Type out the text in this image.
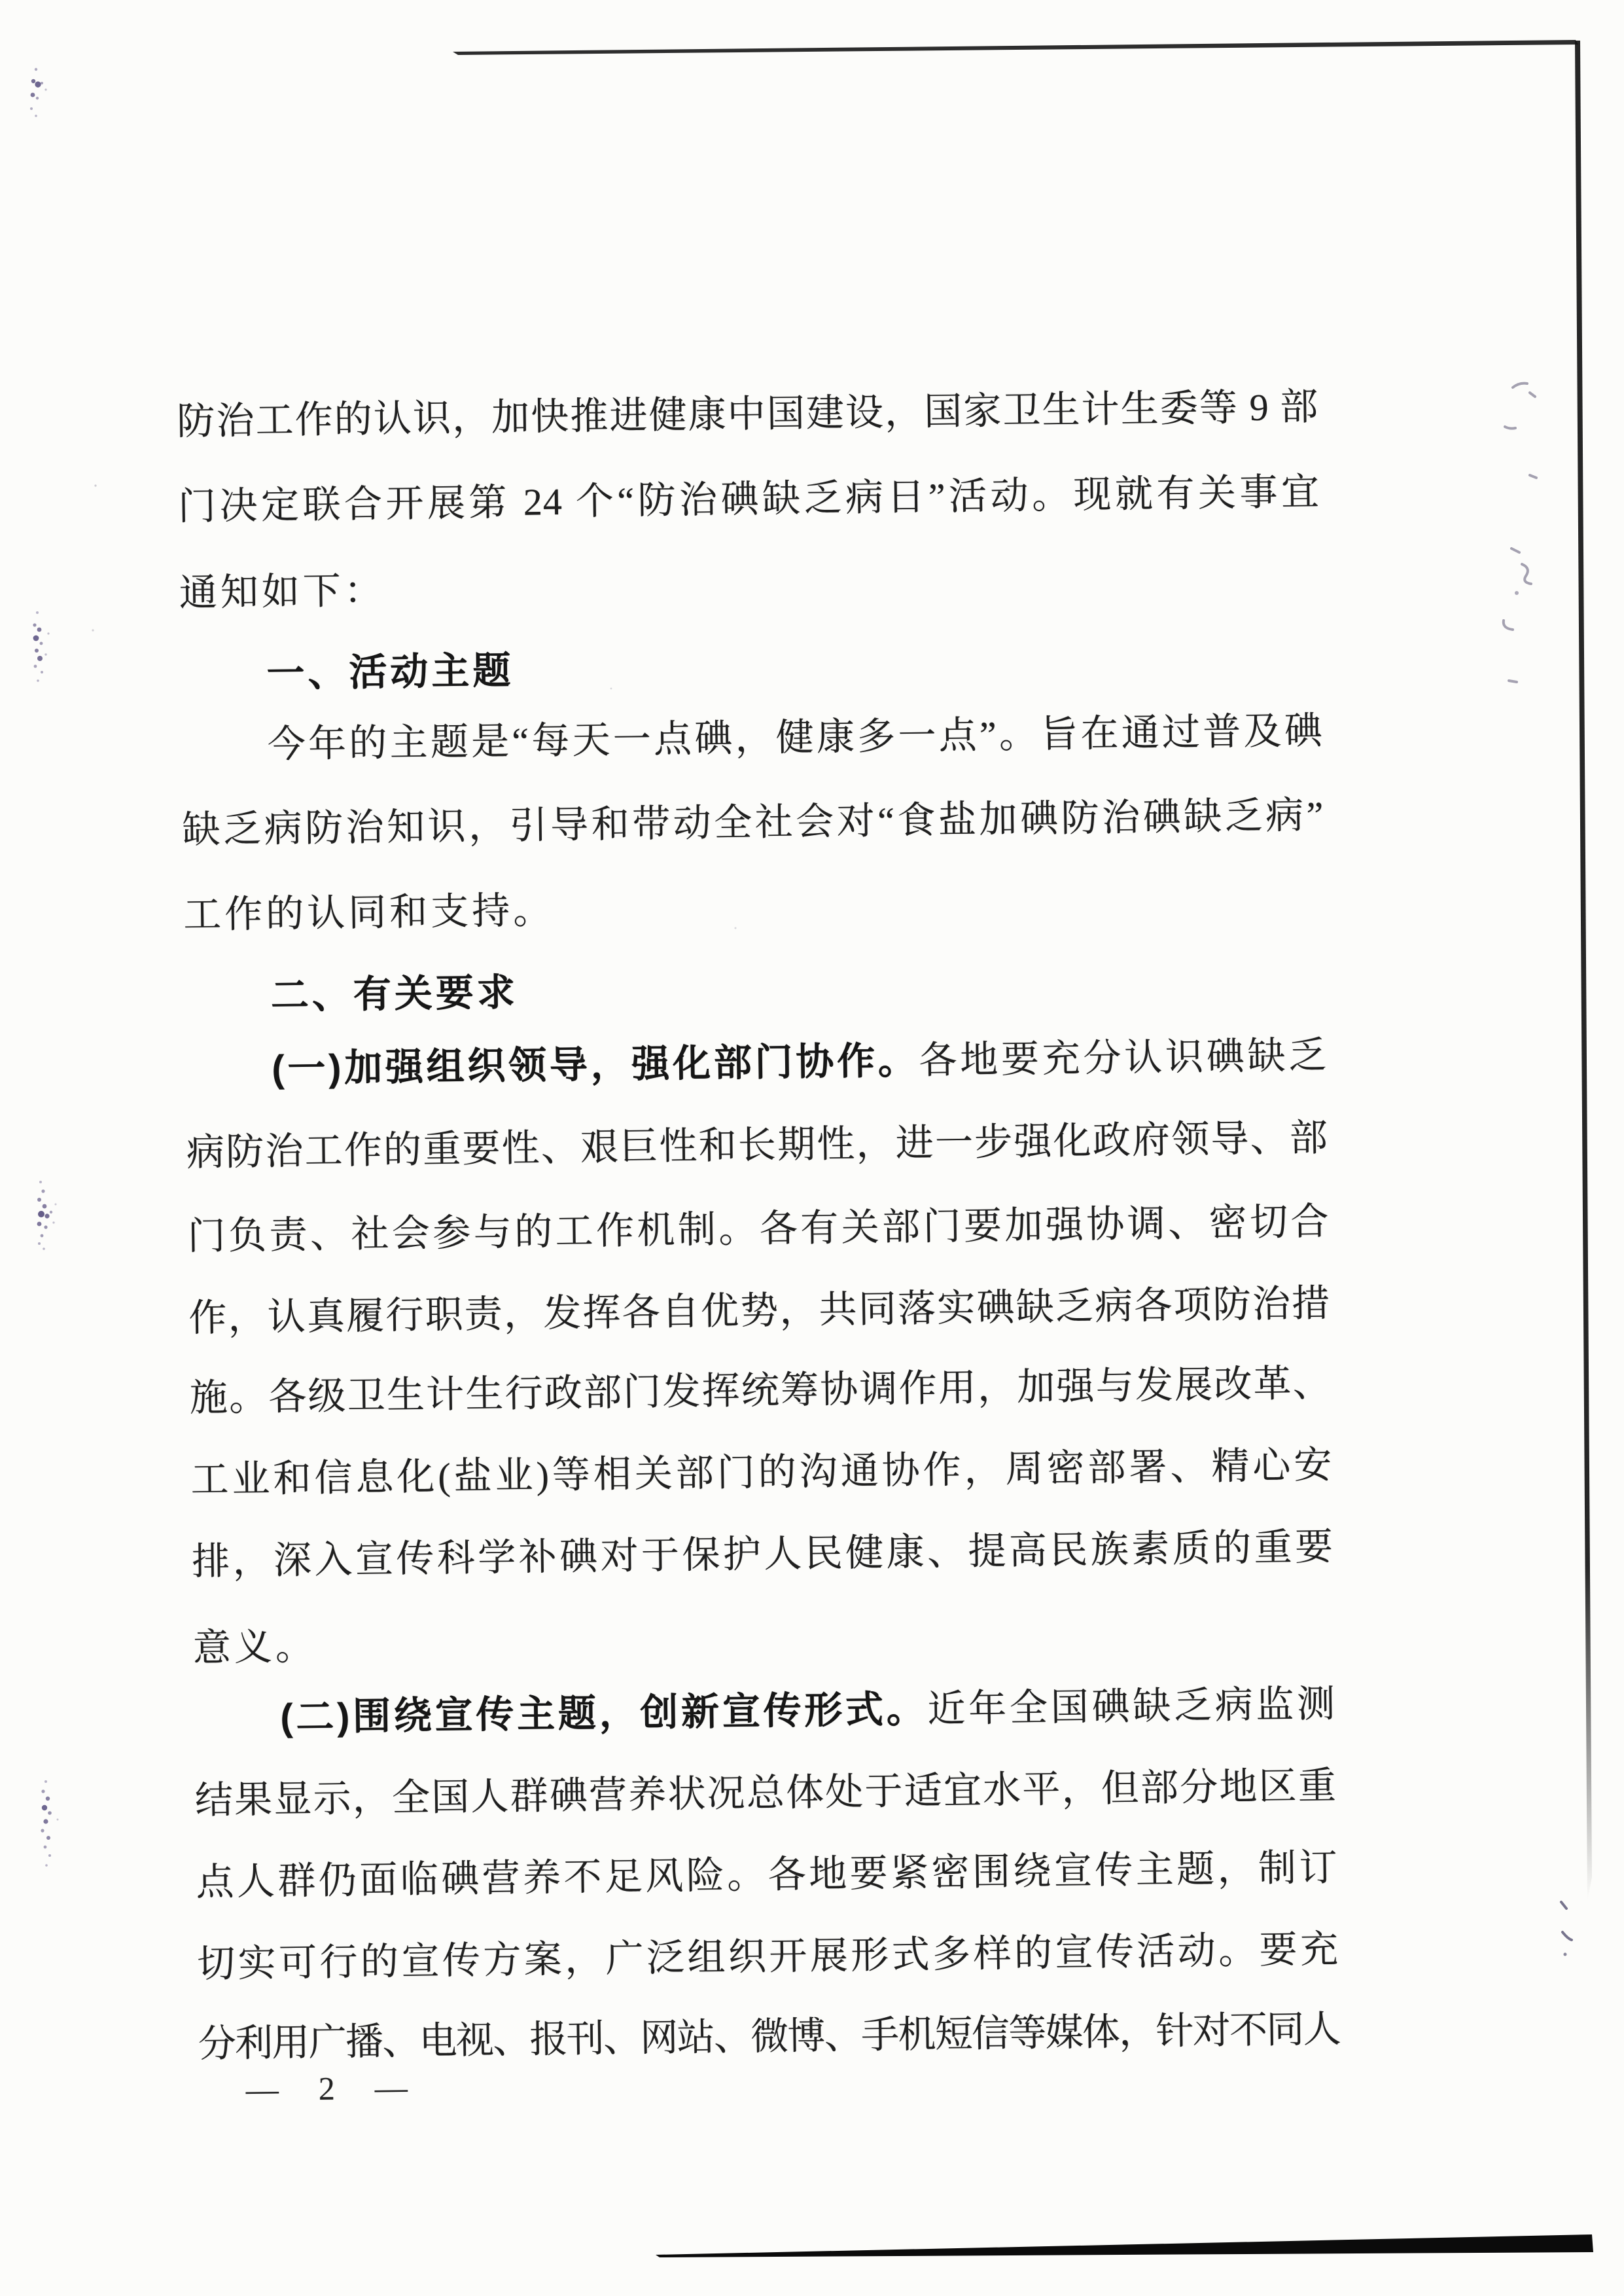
防治工作的认识，加快推进健康中国建设，国家卫生计生委等 9 部
门决定联合开展第 24 个“防治碘缺乏病日”活动。现就有关事宜
通知如下：
一、活动主题
今年的主题是“每天一点碘，健康多一点”。旨在通过普及碘
缺乏病防治知识，引导和带动全社会对“食盐加碘防治碘缺乏病”
工作的认同和支持。
二、有关要求
(一)加强组织领导，强化部门协作。各地要充分认识碘缺乏
病防治工作的重要性、艰巨性和长期性，进一步强化政府领导、部
门负责、社会参与的工作机制。各有关部门要加强协调、密切合
作，认真履行职责，发挥各自优势，共同落实碘缺乏病各项防治措
施。各级卫生计生行政部门发挥统筹协调作用，加强与发展改革、
工业和信息化(盐业)等相关部门的沟通协作，周密部署、精心安
排，深入宣传科学补碘对于保护人民健康、提高民族素质的重要
意义。
(二)围绕宣传主题，创新宣传形式。近年全国碘缺乏病监测
结果显示，全国人群碘营养状况总体处于适宜水平，但部分地区重
点人群仍面临碘营养不足风险。各地要紧密围绕宣传主题，制订
切实可行的宣传方案，广泛组织开展形式多样的宣传活动。要充
分利用广播、电视、报刊、网站、微博、手机短信等媒体，针对不同人
—  2  —
